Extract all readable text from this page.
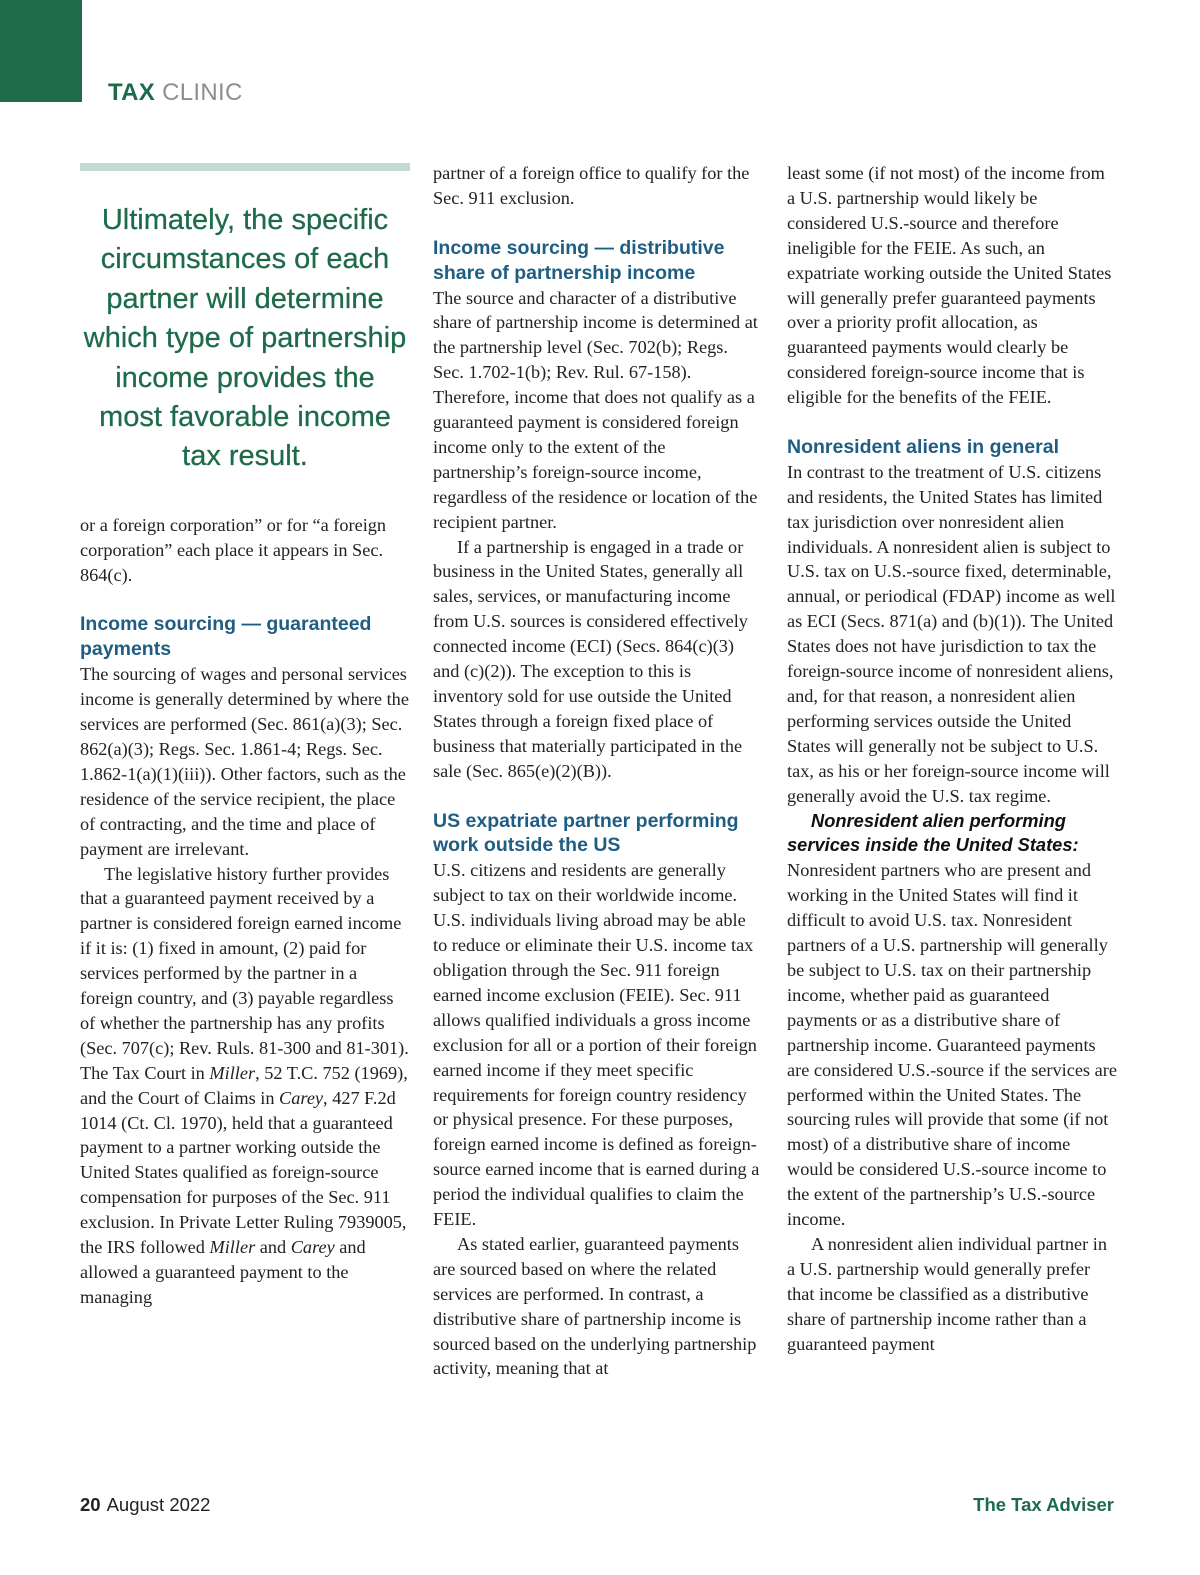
TAX CLINIC
Ultimately, the specific circumstances of each partner will determine which type of partnership income provides the most favorable income tax result.

or a foreign corporation” or for “a foreign corporation” each place it appears in Sec. 864(c).

Income sourcing — guaranteed payments

The sourcing of wages and personal services income is generally determined by where the services are performed (Sec. 861(a)(3); Sec. 862(a)(3); Regs. Sec. 1.861-4; Regs. Sec. 1.862-1(a)(1)(iii)). Other factors, such as the residence of the service recipient, the place of contracting, and the time and place of payment are irrelevant.

The legislative history further provides that a guaranteed payment received by a partner is considered foreign earned income if it is: (1) fixed in amount, (2) paid for services performed by the partner in a foreign country, and (3) payable regardless of whether the partnership has any profits (Sec. 707(c); Rev. Ruls. 81-300 and 81-301). The Tax Court in Miller, 52 T.C. 752 (1969), and the Court of Claims in Carey, 427 F.2d 1014 (Ct. Cl. 1970), held that a guaranteed payment to a partner working outside the United States qualified as foreign-source compensation for purposes of the Sec. 911 exclusion. In Private Letter Ruling 7939005, the IRS followed Miller and Carey and allowed a guaranteed payment to the managing

partner of a foreign office to qualify for the Sec. 911 exclusion.

Income sourcing — distributive share of partnership income

The source and character of a distributive share of partnership income is determined at the partnership level (Sec. 702(b); Regs. Sec. 1.702-1(b); Rev. Rul. 67-158). Therefore, income that does not qualify as a guaranteed payment is considered foreign income only to the extent of the partnership’s foreign-source income, regardless of the residence or location of the recipient partner.

If a partnership is engaged in a trade or business in the United States, generally all sales, services, or manufacturing income from U.S. sources is considered effectively connected income (ECI) (Secs. 864(c)(3) and (c)(2)). The exception to this is inventory sold for use outside the United States through a foreign fixed place of business that materially participated in the sale (Sec. 865(e)(2)(B)).

US expatriate partner performing work outside the US

U.S. citizens and residents are generally subject to tax on their worldwide income. U.S. individuals living abroad may be able to reduce or eliminate their U.S. income tax obligation through the Sec. 911 foreign earned income exclusion (FEIE). Sec. 911 allows qualified individuals a gross income exclusion for all or a portion of their foreign earned income if they meet specific requirements for foreign country residency or physical presence. For these purposes, foreign earned income is defined as foreign-source earned income that is earned during a period the individual qualifies to claim the FEIE.

As stated earlier, guaranteed payments are sourced based on where the related services are performed. In contrast, a distributive share of partnership income is sourced based on the underlying partnership activity, meaning that at

least some (if not most) of the income from a U.S. partnership would likely be considered U.S.-source and therefore ineligible for the FEIE. As such, an expatriate working outside the United States will generally prefer guaranteed payments over a priority profit allocation, as guaranteed payments would clearly be considered foreign-source income that is eligible for the benefits of the FEIE.

Nonresident aliens in general

In contrast to the treatment of U.S. citizens and residents, the United States has limited tax jurisdiction over nonresident alien individuals. A nonresident alien is subject to U.S. tax on U.S.-source fixed, determinable, annual, or periodical (FDAP) income as well as ECI (Secs. 871(a) and (b)(1)). The United States does not have jurisdiction to tax the foreign-source income of nonresident aliens, and, for that reason, a nonresident alien performing services outside the United States will generally not be subject to U.S. tax, as his or her foreign-source income will generally avoid the U.S. tax regime.

Nonresident alien performing services inside the United States: Nonresident partners who are present and working in the United States will find it difficult to avoid U.S. tax. Nonresident partners of a U.S. partnership will generally be subject to U.S. tax on their partnership income, whether paid as guaranteed payments or as a distributive share of partnership income. Guaranteed payments are considered U.S.-source if the services are performed within the United States. The sourcing rules will provide that some (if not most) of a distributive share of income would be considered U.S.-source income to the extent of the partnership’s U.S.-source income.

A nonresident alien individual partner in a U.S. partnership would generally prefer that income be classified as a distributive share of partnership income rather than a guaranteed payment

20 August 2022	The Tax Adviser
